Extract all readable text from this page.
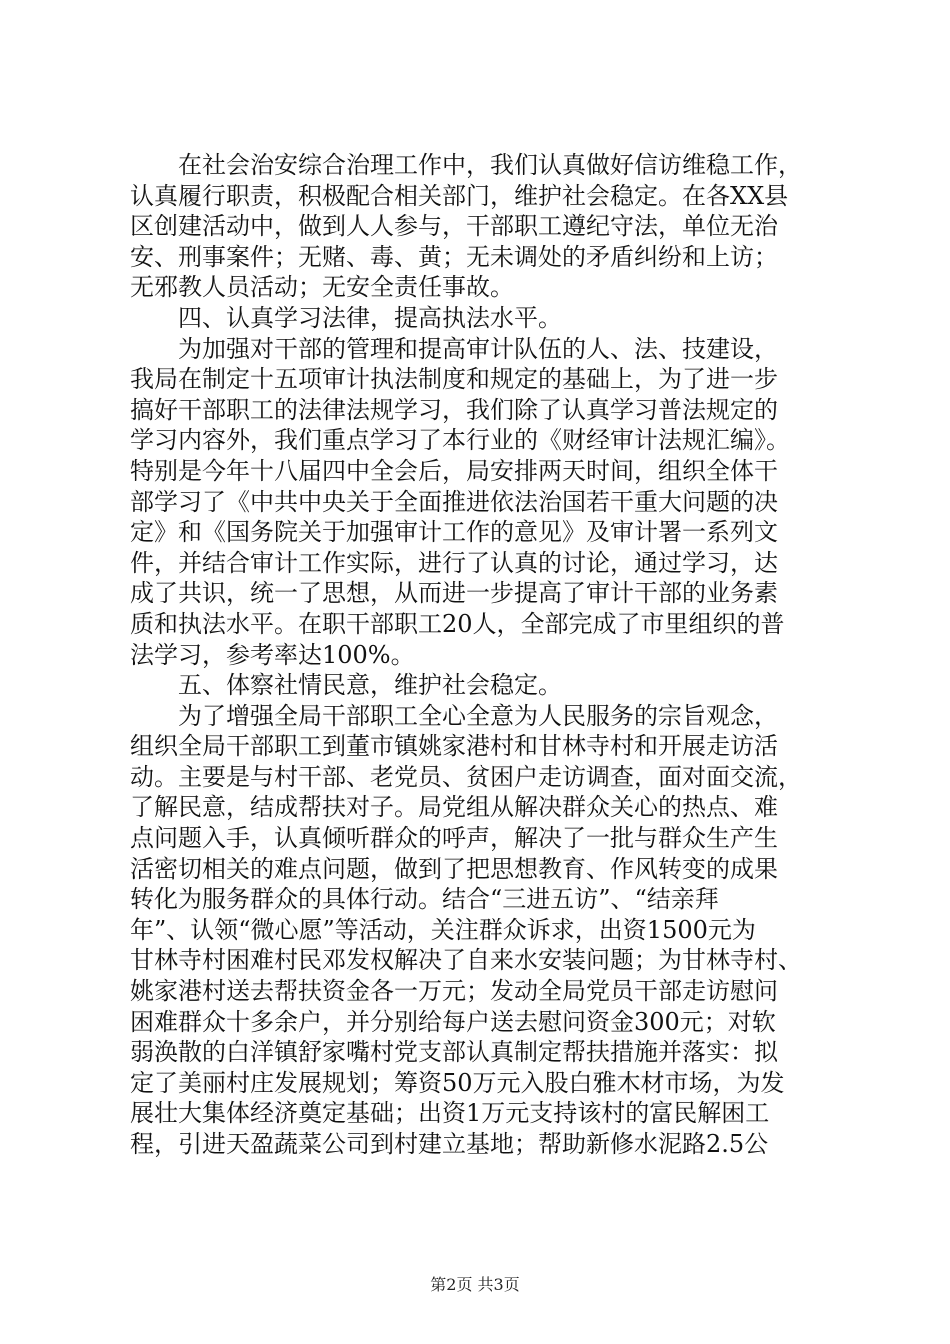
　　在社会治安综合治理工作中，我们认真做好信访维稳工作，
认真履行职责，积极配合相关部门，维护社会稳定。在各XX县
区创建活动中，做到人人参与，干部职工遵纪守法，单位无治
安、刑事案件；无赌、毒、黄；无未调处的矛盾纠纷和上访；
无邪教人员活动；无安全责任事故。
　　四、认真学习法律，提高执法水平。
　　为加强对干部的管理和提高审计队伍的人、法、技建设，
我局在制定十五项审计执法制度和规定的基础上，为了进一步
搞好干部职工的法律法规学习，我们除了认真学习普法规定的
学习内容外，我们重点学习了本行业的《财经审计法规汇编》。
特别是今年十八届四中全会后，局安排两天时间，组织全体干
部学习了《中共中央关于全面推进依法治国若干重大问题的决
定》和《国务院关于加强审计工作的意见》及审计署一系列文
件，并结合审计工作实际，进行了认真的讨论，通过学习，达
成了共识，统一了思想，从而进一步提高了审计干部的业务素
质和执法水平。在职干部职工20人，全部完成了市里组织的普
法学习，参考率达100%。
　　五、体察社情民意，维护社会稳定。
　　为了增强全局干部职工全心全意为人民服务的宗旨观念，
组织全局干部职工到董市镇姚家港村和甘林寺村和开展走访活
动。主要是与村干部、老党员、贫困户走访调查，面对面交流，
了解民意，结成帮扶对子。局党组从解决群众关心的热点、难
点问题入手，认真倾听群众的呼声，解决了一批与群众生产生
活密切相关的难点问题，做到了把思想教育、作风转变的成果
转化为服务群众的具体行动。结合“三进五访”、“结亲拜
年”、认领“微心愿”等活动，关注群众诉求，出资1500元为
甘林寺村困难村民邓发权解决了自来水安装问题；为甘林寺村、
姚家港村送去帮扶资金各一万元；发动全局党员干部走访慰问
困难群众十多余户，并分别给每户送去慰问资金300元；对软
弱涣散的白洋镇舒家嘴村党支部认真制定帮扶措施并落实：拟
定了美丽村庄发展规划；筹资50万元入股白雅木材市场，为发
展壮大集体经济奠定基础；出资1万元支持该村的富民解困工
程，引进天盈蔬菜公司到村建立基地；帮助新修水泥路2.5公
第2页 共3页
